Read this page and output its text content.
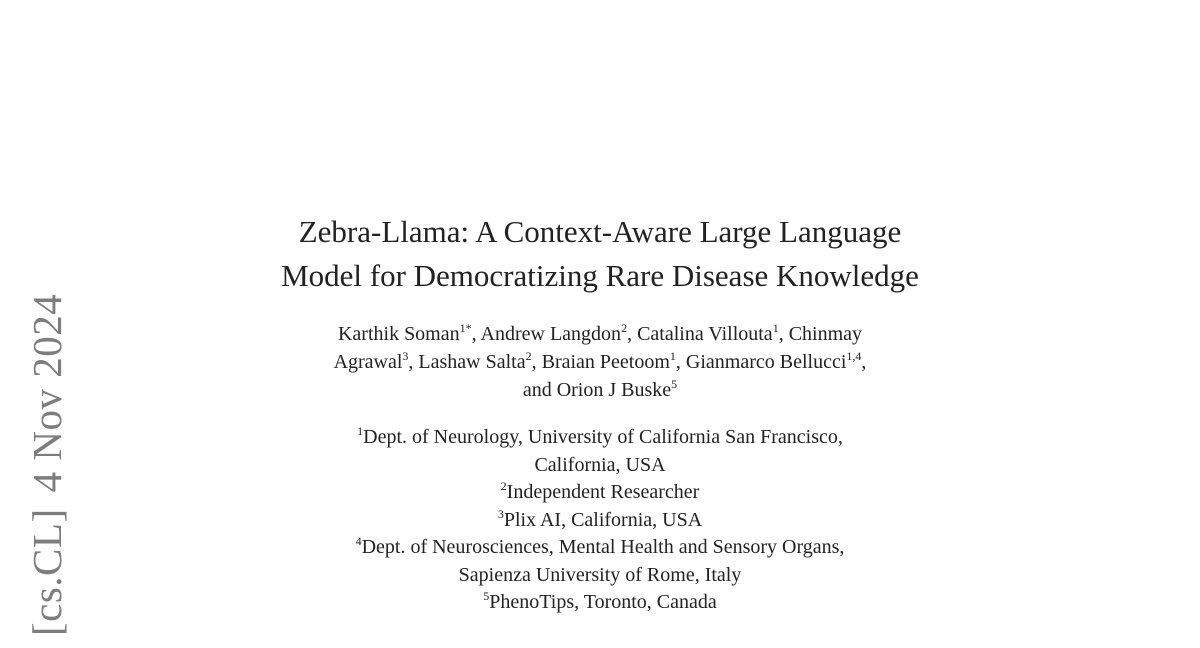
[cs.CL]4 Nov 2024
Zebra-Llama: A Context-Aware Large Language
Model for Democratizing Rare Disease Knowledge
Karthik Soman$^{1*}$, Andrew Langdon$^2$, Catalina Villouta$^1$, Chinmay
Agrawal$^3$, Lashaw Salta$^2$, Braian Peetoom$^1$, Gianmarco Bellucci$^{1,4}$,
and Orion J Buske$^5$
$^1$Dept. of Neurology, University of California San Francisco,
California, USA
$^2$Independent Researcher
$^3$Plix AI, California, USA
$^4$Dept. of Neurosciences, Mental Health and Sensory Organs,
Sapienza University of Rome, Italy
$^5$PhenoTips, Toronto, Canada
